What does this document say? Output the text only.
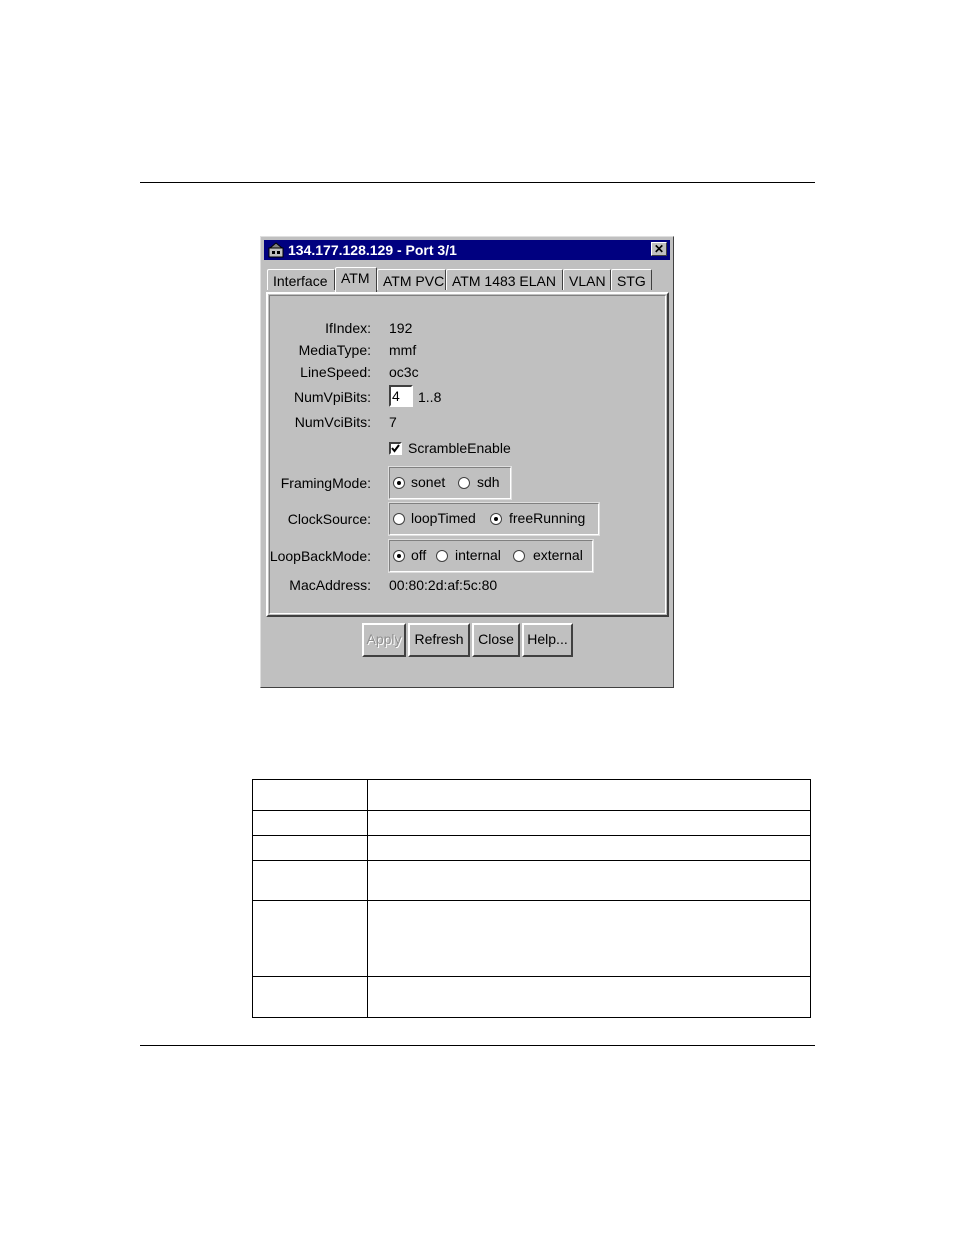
134.177.128.129 - Port 3/1	✕
Interface ATM ATM PVC ATM 1483 ELAN VLAN STG
IfIndex: 192
MediaType: mmf
LineSpeed: oc3c
NumVpiBits: 4	1..8
NumVciBits: 7
ScrambleEnable
FramingMode:	sonet sdh
ClockSource:	loopTimed freeRunning
LoopBackMode:	off internal external
MacAddress: 00:80:2d:af:5c:80
Apply Refresh	Close Help...
